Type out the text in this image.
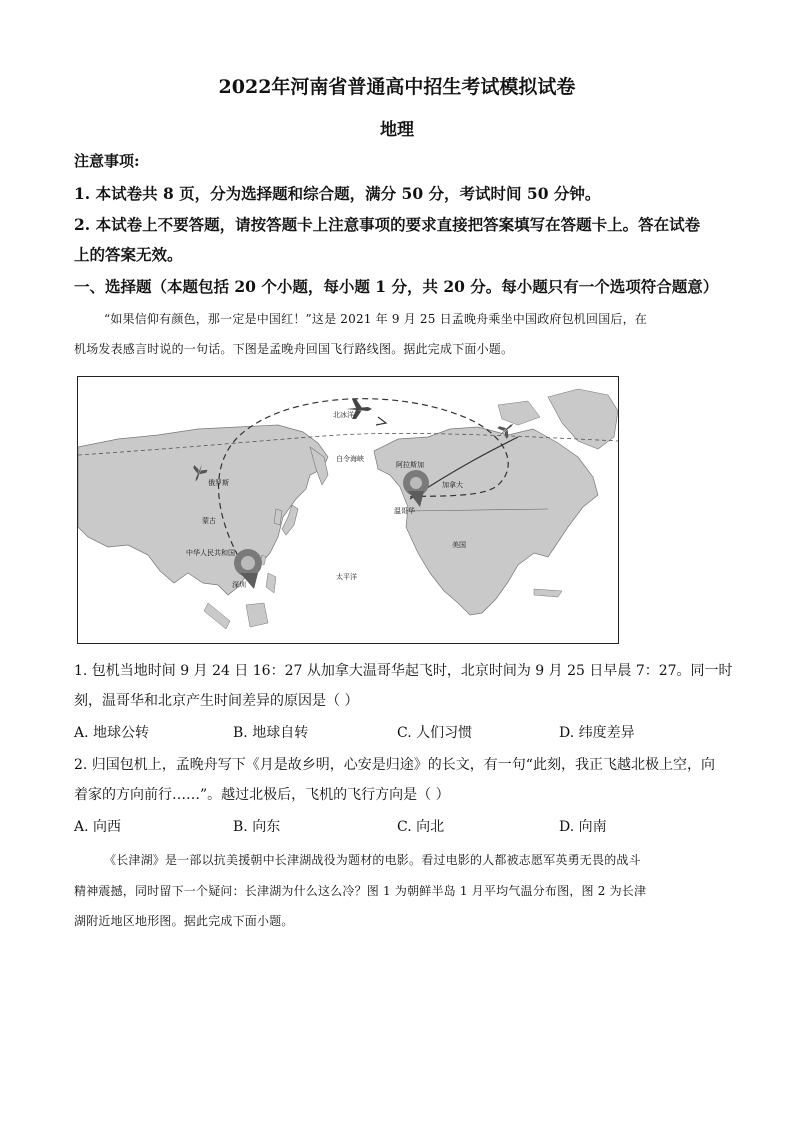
2022年河南省普通高中招生考试模拟试卷
地理
注意事项:
1. 本试卷共 8 页，分为选择题和综合题，满分 50 分，考试时间 50 分钟。
2. 本试卷上不要答题，请按答题卡上注意事项的要求直接把答案填写在答题卡上。答在试卷
上的答案无效。
一、选择题（本题包括 20 个小题，每小题 1 分，共 20 分。每小题只有一个选项符合题意）
“如果信仰有颜色，那一定是中国红！”这是 2021 年 9 月 25 日孟晚舟乘坐中国政府包机回国后，在
机场发表感言时说的一句话。下图是孟晚舟回国飞行路线图。据此完成下面小题。
北冰洋
俄罗斯
蒙古
中华人民共和国
深圳
太平洋
加拿大
温哥华
美国
白令海峡
阿拉斯加
1. 包机当地时间 9 月 24 日 16：27 从加拿大温哥华起飞时，北京时间为 9 月 25 日早晨 7：27。同一时
刻，温哥华和北京产生时间差异的原因是（ ）
A. 地球公转	B. 地球自转	C. 人们习惯	D. 纬度差异
2. 归国包机上，孟晚舟写下《月是故乡明，心安是归途》的长文，有一句“此刻，我正飞越北极上空，向
着家的方向前行……”。越过北极后，飞机的飞行方向是（ ）
A. 向西	B. 向东	C. 向北	D. 向南
《长津湖》是一部以抗美援朝中长津湖战役为题材的电影。看过电影的人都被志愿军英勇无畏的战斗
精神震撼，同时留下一个疑问：长津湖为什么这么冷？图 1 为朝鲜半岛 1 月平均气温分布图，图 2 为长津
湖附近地区地形图。据此完成下面小题。
